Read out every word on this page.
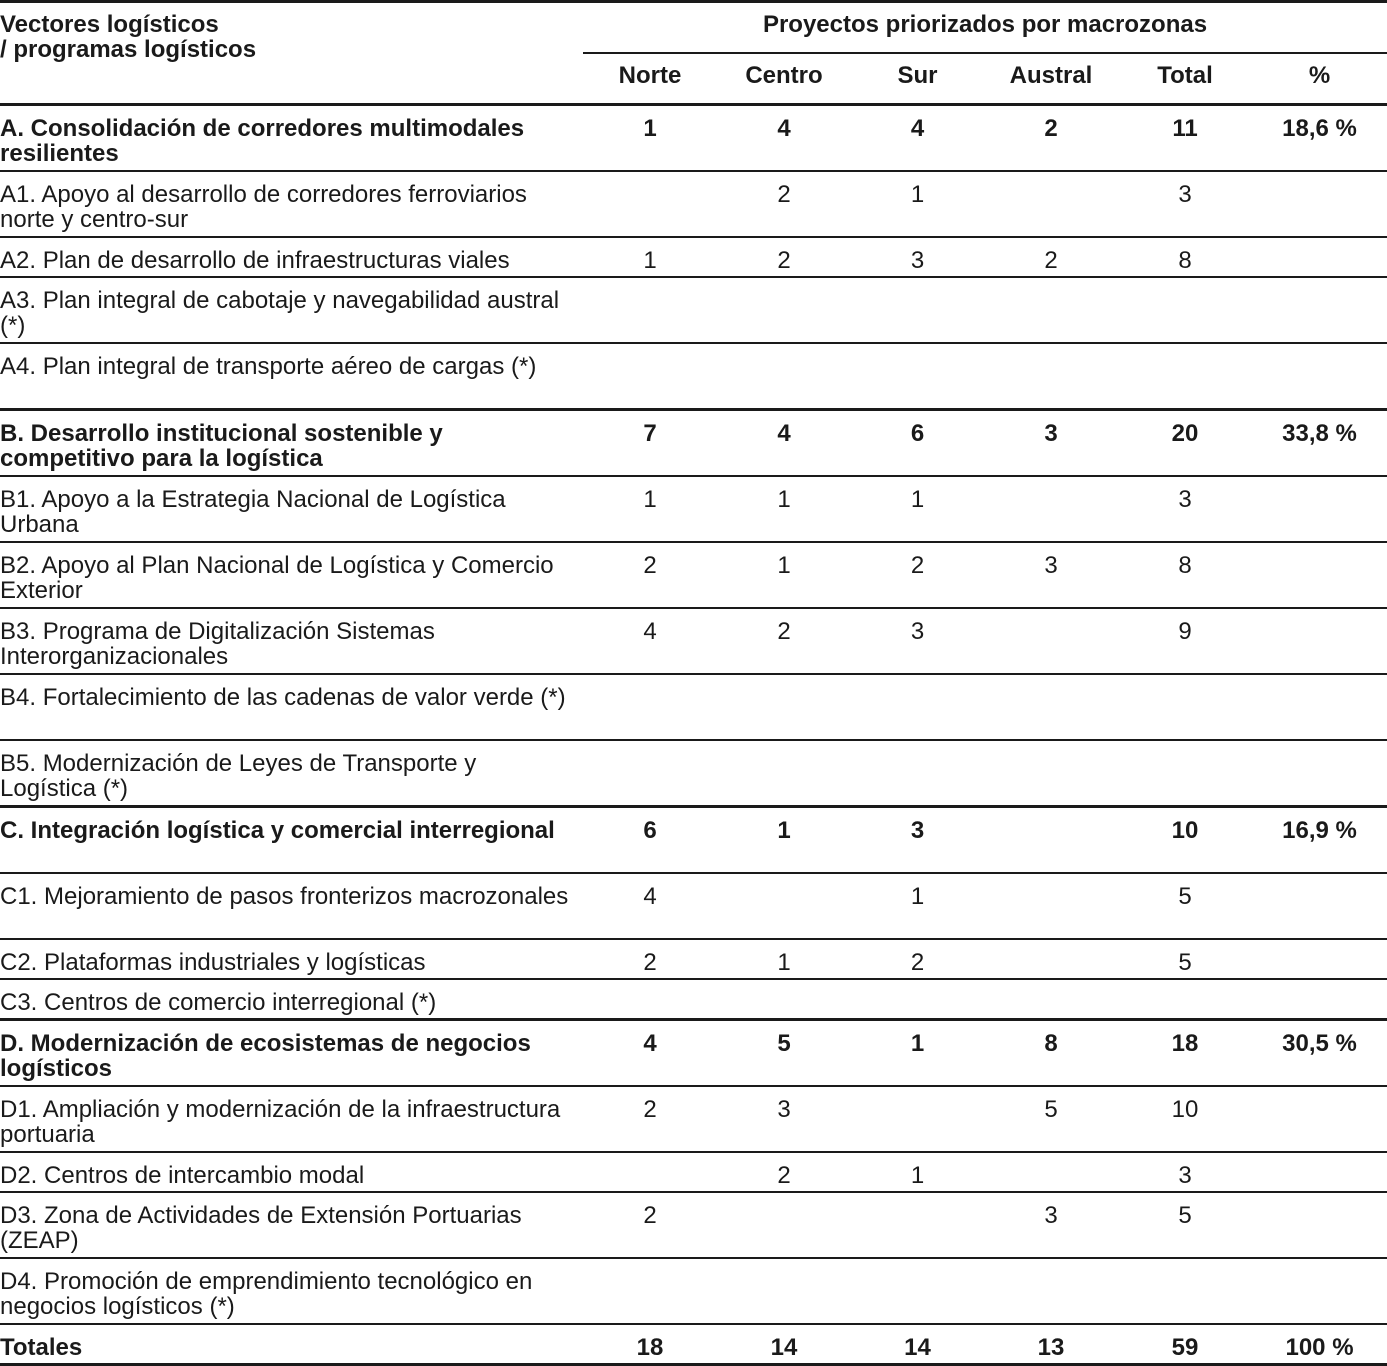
Vectores logísticos
/ programas logísticos	Proyectos priorizados por macrozonas					
	Norte	Centro	Sur	Austral	Total	%
A. Consolidación de corredores multimodales resilientes	1	4	4	2	11	18,6 %
A1. Apoyo al desarrollo de corredores ferroviarios norte y centro-sur		2	1		3	
A2. Plan de desarrollo de infraestructuras viales	1	2	3	2	8	
A3. Plan integral de cabotaje y navegabilidad austral (*)						
A4. Plan integral de transporte aéreo de cargas (*)						
B. Desarrollo institucional sostenible y competitivo para la logística	7	4	6	3	20	33,8 %
B1. Apoyo a la Estrategia Nacional de Logística Urbana	1	1	1		3	
B2. Apoyo al Plan Nacional de Logística y Comercio Exterior	2	1	2	3	8	
B3. Programa de Digitalización Sistemas Interorganizacionales	4	2	3		9	
B4. Fortalecimiento de las cadenas de valor verde (*)						
B5. Modernización de Leyes de Transporte y Logística (*)						
C. Integración logística y comercial interregional	6	1	3		10	16,9 %
C1. Mejoramiento de pasos fronterizos macrozonales	4		1		5	
C2. Plataformas industriales y logísticas	2	1	2		5	
C3. Centros de comercio interregional (*)						
D. Modernización de ecosistemas de negocios logísticos	4	5	1	8	18	30,5 %
D1. Ampliación y modernización de la infraestructura portuaria	2	3		5	10	
D2. Centros de intercambio modal		2	1		3	
D3. Zona de Actividades de Extensión Portuarias (ZEAP)	2			3	5	
D4. Promoción de emprendimiento tecnológico en negocios logísticos (*)						
Totales	18	14	14	13	59	100 %
